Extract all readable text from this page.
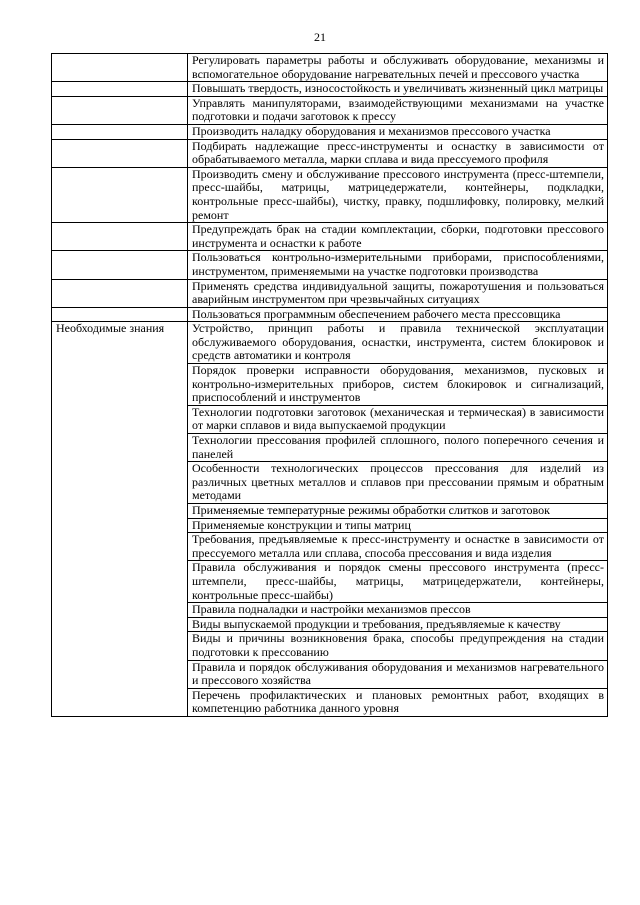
21
	Регулировать параметры работы и обслуживать оборудование, механизмы и вспомогательное оборудование нагревательных печей и прессового участка
	Повышать твердость, износостойкость и увеличивать жизненный цикл матрицы
	Управлять манипуляторами, взаимодействующими механизмами на участке подготовки и подачи заготовок к прессу
	Производить наладку оборудования и механизмов прессового участка
	Подбирать надлежащие пресс-инструменты и оснастку в зависимости от обрабатываемого металла, марки сплава и вида прессуемого профиля
	Производить смену и обслуживание прессового инструмента (пресс-штемпели, пресс-шайбы, матрицы, матрицедержатели, контейнеры, подкладки, контрольные пресс-шайбы), чистку, правку, подшлифовку, полировку, мелкий ремонт
	Предупреждать брак на стадии комплектации, сборки, подготовки прессового инструмента и оснастки к работе
	Пользоваться контрольно-измерительными приборами, приспособлениями, инструментом, применяемыми на участке подготовки производства
	Применять средства индивидуальной защиты, пожаротушения и пользоваться аварийным инструментом при чрезвычайных ситуациях
	Пользоваться программным обеспечением рабочего места прессовщика
Необходимые знания	Устройство, принцип работы и правила технической эксплуатации обслуживаемого оборудования, оснастки, инструмента, систем блокировок и средств автоматики и контроля
	Порядок проверки исправности оборудования, механизмов, пусковых и контрольно-измерительных приборов, систем блокировок и сигнализаций, приспособлений и инструментов
	Технологии подготовки заготовок (механическая и термическая) в зависимости от марки сплавов и вида выпускаемой продукции
	Технологии прессования профилей сплошного, полого поперечного сечения и панелей
	Особенности технологических процессов прессования для изделий из различных цветных металлов и сплавов при прессовании прямым и обратным методами
	Применяемые температурные режимы обработки слитков и заготовок
	Применяемые конструкции и типы матриц
	Требования, предъявляемые к пресс-инструменту и оснастке в зависимости от прессуемого металла или сплава, способа прессования и вида изделия
	Правила обслуживания и порядок смены прессового инструмента (пресс-штемпели, пресс-шайбы, матрицы, матрицедержатели, контейнеры, контрольные пресс-шайбы)
	Правила подналадки и настройки механизмов прессов
	Виды выпускаемой продукции и требования, предъявляемые к качеству
	Виды и причины возникновения брака, способы предупреждения на стадии подготовки к прессованию
	Правила и порядок обслуживания оборудования и механизмов нагревательного и прессового хозяйства
	Перечень профилактических и плановых ремонтных работ, входящих в компетенцию работника данного уровня
